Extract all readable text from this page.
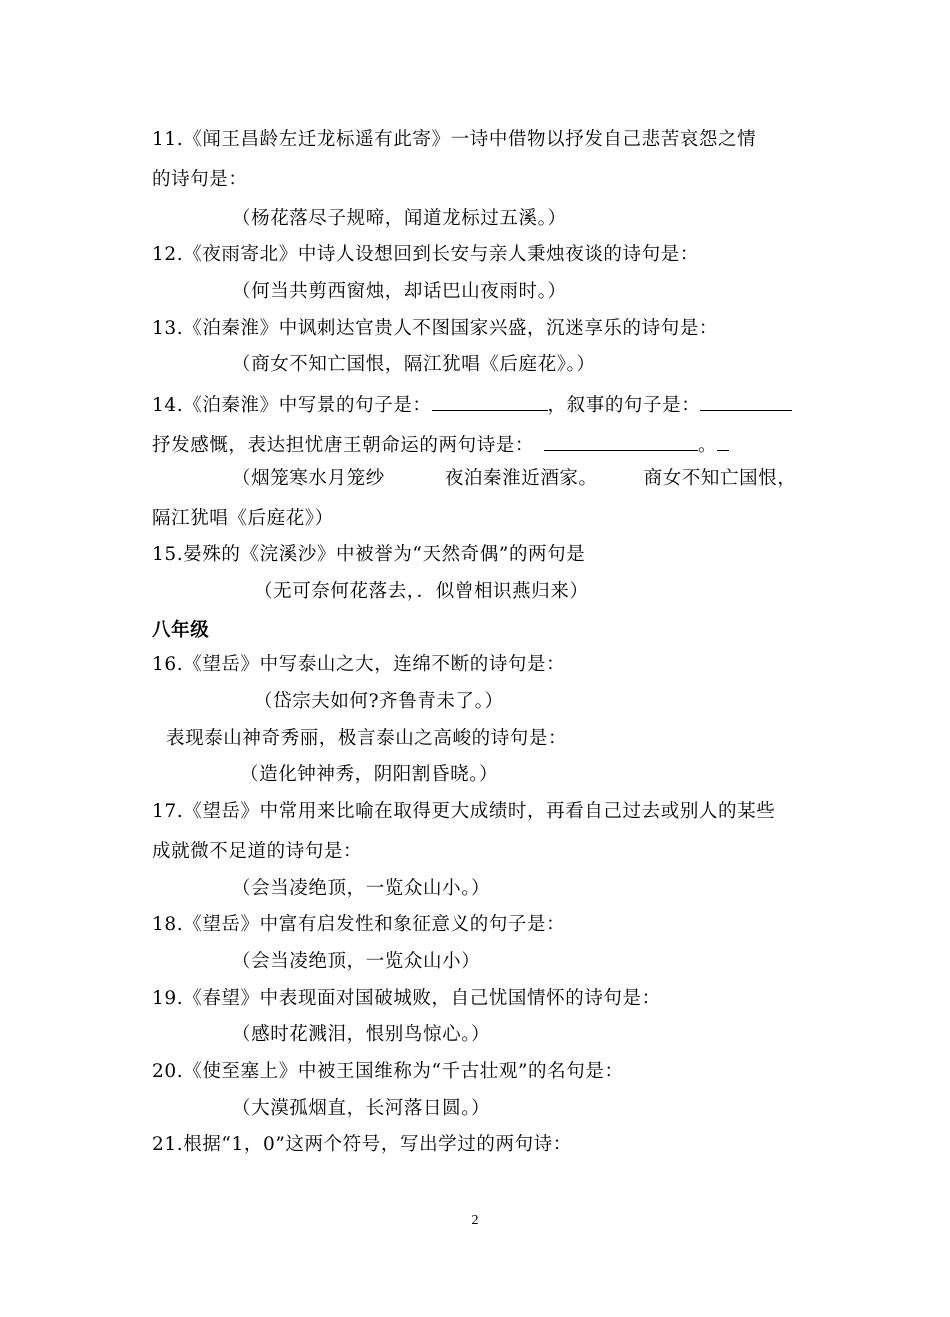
11.《闻王昌龄左迁龙标遥有此寄》一诗中借物以抒发自己悲苦哀怨之情
的诗句是：
（杨花落尽子规啼，闻道龙标过五溪。）
12.《夜雨寄北》中诗人设想回到长安与亲人秉烛夜谈的诗句是：
（何当共剪西窗烛，却话巴山夜雨时。）
13.《泊秦淮》中讽刺达官贵人不图国家兴盛，沉迷享乐的诗句是：
（商女不知亡国恨，隔江犹唱《后庭花》。）
14.《泊秦淮》中写景的句子是：	，叙事的句子是：
抒发感慨，表达担忧唐王朝命运的两句诗是：	。
（烟笼寒水月笼纱	夜泊秦淮近酒家。 商女不知亡国恨，
隔江犹唱《后庭花》）
15.晏殊的《浣溪沙》中被誉为“天然奇偶”的两句是
（无可奈何花落去，．似曾相识燕归来）
八年级
16.《望岳》中写泰山之大，连绵不断的诗句是：
（岱宗夫如何?齐鲁青未了。）
表现泰山神奇秀丽，极言泰山之高峻的诗句是：
（造化钟神秀，阴阳割昏晓。）
17.《望岳》中常用来比喻在取得更大成绩时，再看自己过去或别人的某些
成就微不足道的诗句是：
（会当凌绝顶，一览众山小。）
18.《望岳》中富有启发性和象征意义的句子是：
（会当凌绝顶，一览众山小）
19.《春望》中表现面对国破城败，自己忧国情怀的诗句是：
（感时花溅泪，恨别鸟惊心。）
20.《使至塞上》中被王国维称为“千古壮观”的名句是：
（大漠孤烟直，长河落日圆。）
21.根据“1，0”这两个符号，写出学过的两句诗：
2
